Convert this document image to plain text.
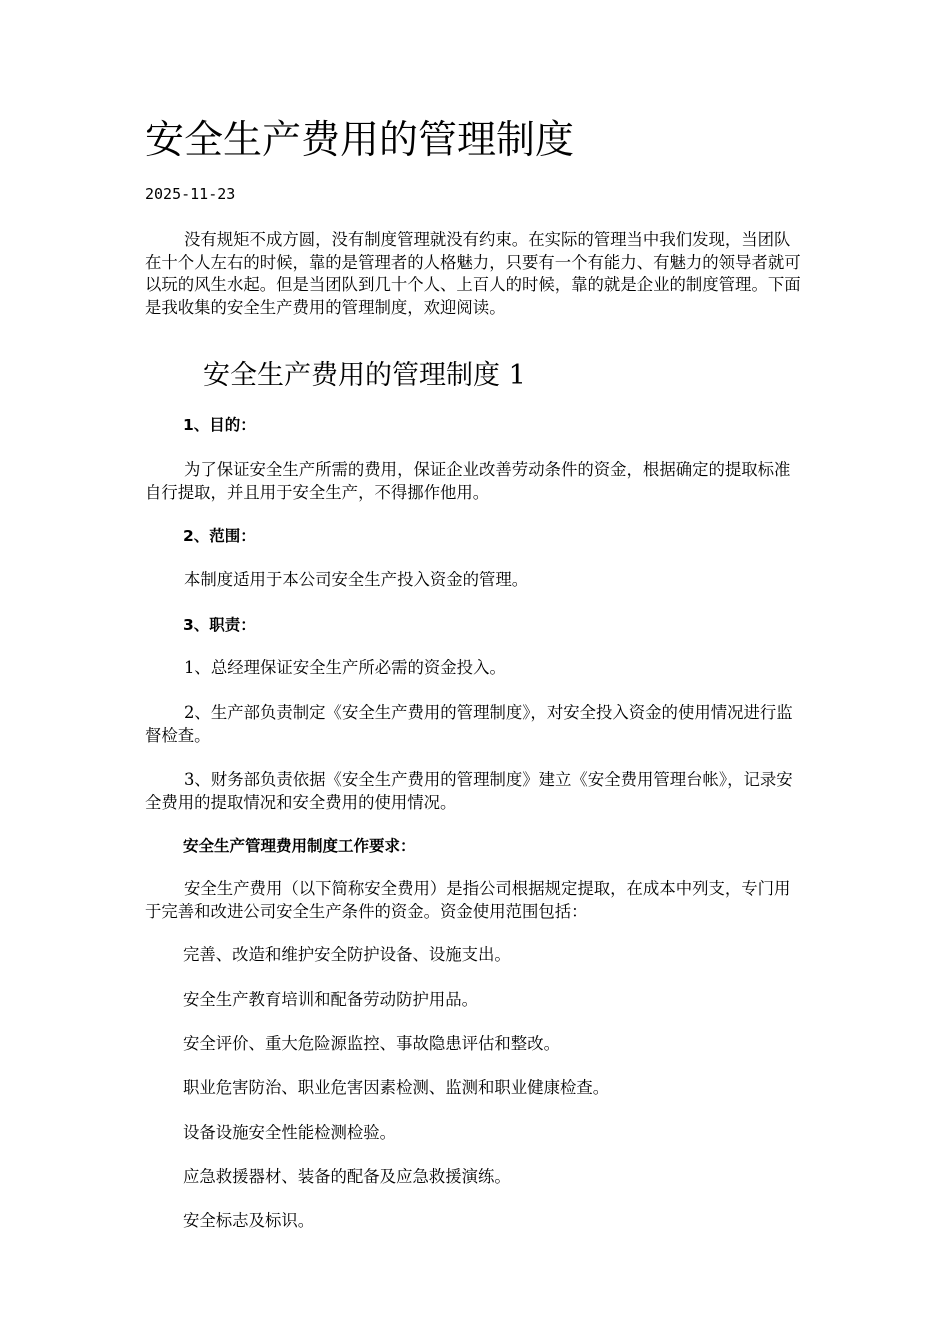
安全生产费用的管理制度
2025-11-23

没有规矩不成方圆，没有制度管理就没有约束。在实际的管理当中我们发现，当团队在十个人左右的时候，靠的是管理者的人格魅力，只要有一个有能力、有魅力的领导者就可以玩的风生水起。但是当团队到几十个人、上百人的时候，靠的就是企业的制度管理。下面是我收集的安全生产费用的管理制度，欢迎阅读。

安全生产费用的管理制度 1
1、目的：

为了保证安全生产所需的费用，保证企业改善劳动条件的资金，根据确定的提取标准自行提取，并且用于安全生产，不得挪作他用。

2、范围：

本制度适用于本公司安全生产投入资金的管理。

3、职责：

1、总经理保证安全生产所必需的资金投入。

2、生产部负责制定《安全生产费用的管理制度》，对安全投入资金的使用情况进行监督检查。

3、财务部负责依据《安全生产费用的管理制度》建立《安全费用管理台帐》，记录安全费用的提取情况和安全费用的使用情况。

安全生产管理费用制度工作要求：

安全生产费用（以下简称安全费用）是指公司根据规定提取，在成本中列支，专门用于完善和改进公司安全生产条件的资金。资金使用范围包括：

完善、改造和维护安全防护设备、设施支出。

安全生产教育培训和配备劳动防护用品。

安全评价、重大危险源监控、事故隐患评估和整改。

职业危害防治、职业危害因素检测、监测和职业健康检查。

设备设施安全性能检测检验。

应急救援器材、装备的配备及应急救援演练。

安全标志及标识。
